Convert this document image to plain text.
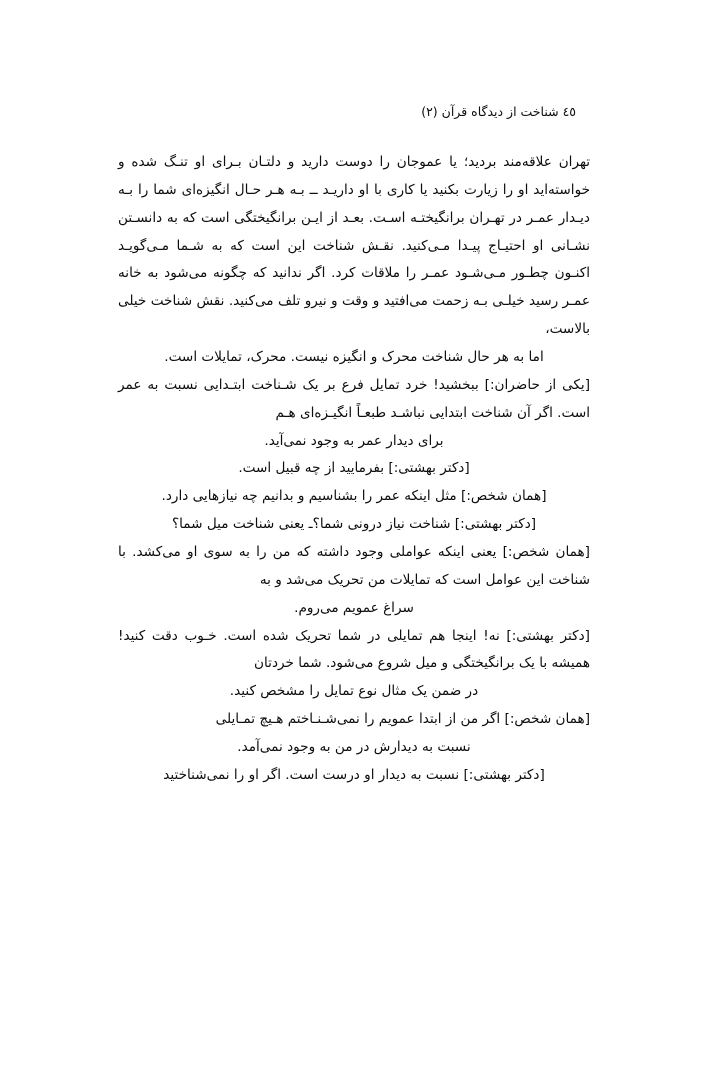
٤٥ شناخت از دیدگاه قرآن (۲)

تهران علاقه‌مند بردید؛ یا عموجان را دوست دارید و دلتـان بـرای او تنـگ شده و خواسته‌اید او را زیارت بکنید یا کاری با او داریـد ــ بـه هـر حـال انگیزه‌ای شما را بـه دیـدار عمـر در تهـران برانگیختـه اسـت. بعـد از ایـن برانگیختگی است که به دانسـتن نشـانی او احتیـاج پیـدا مـی‌کنید. نقـش شناخت این است که به شـما مـی‌گویـد اکنـون چطـور مـی‌شـود عمـر را ملاقات کرد. اگر ندانید که چگونه می‌شود به خانه عمـر رسید خیلـی بـه زحمت می‌افتید و وقت و نیرو تلف می‌کنید. نقش شناخت خیلی بالاست،
اما به هر حال شناخت محرک و انگیزه نیست. محرک، تمایلات است.

[یکی از حاضران:] ببخشید! خرد تمایل فرع بر یک شـناخت ابتـدایی نسبت به عمر است. اگر آن شناخت ابتدایی نباشـد طبعـاً انگیـزه‌ای هـم
برای دیدار عمر به وجود نمی‌آید.

[دکتر بهشتی:] بفرمایید از چه قبیل است.

[همان شخص:] مثل اینکه عمر را بشناسیم و بدانیم چه نیازهایی دارد.

[دکتر بهشتی:] شناخت نیاز درونی شما؟ـ یعنی شناخت میل شما؟

[همان شخص:] یعنی اینکه عواملی وجود داشته که من را به سوی او می‌کشد. با شناخت این عوامل است که تمایلات من تحریک می‌شد و به
سراغ عمویم می‌روم.

[دکتر بهشتی:] نه! اینجا هم تمایلی در شما تحریک شده است. خـوب دقت کنید! همیشه با یک برانگیختگی و میل شروع می‌شود. شما خردتان
در ضمن یک مثال نوع تمایل را مشخص کنید.

[همان شخص:] اگر من از ابتدا عمویم را نمی‌شـنـاختم هـیچ تمـایلی
نسبت به دیدارش در من به وجود نمی‌آمد.

[دکتر بهشتی:] نسبت به دیدار او درست است. اگر او را نمی‌شناختید
